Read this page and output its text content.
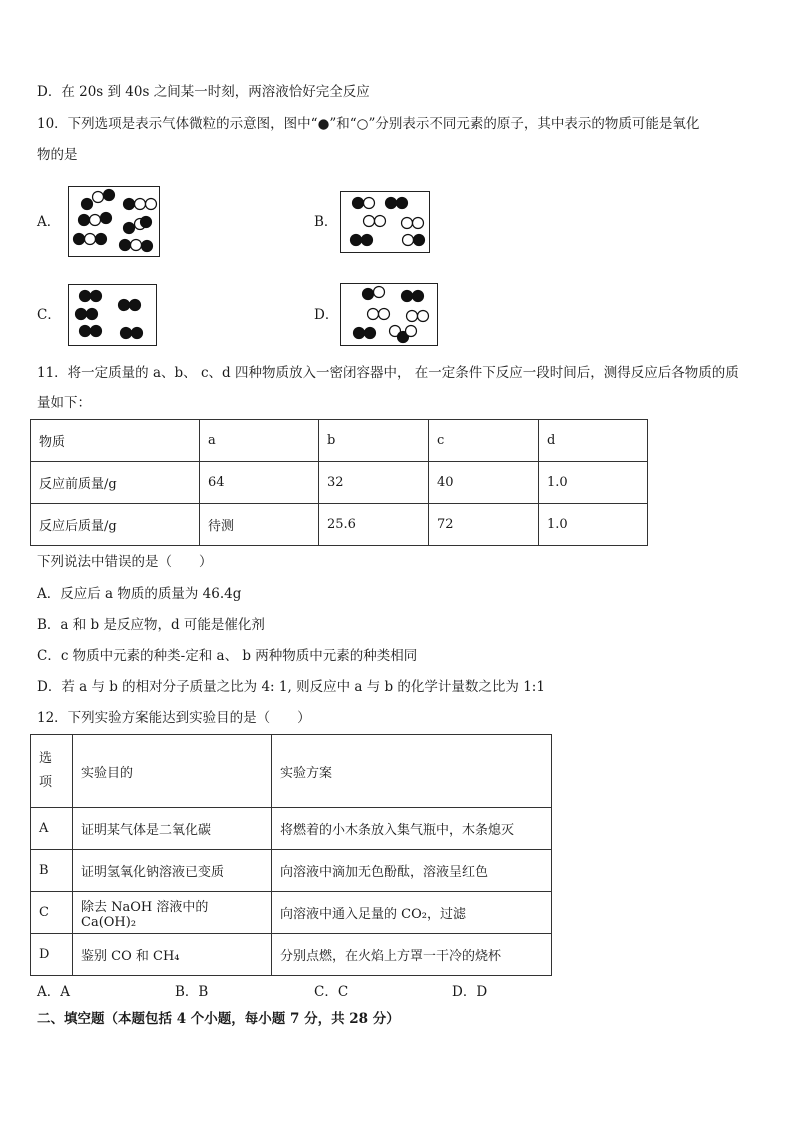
D．在 20s 到 40s 之间某一时刻，两溶液恰好完全反应
10．下列选项是表示气体微粒的示意图，图中“●”和“○”分别表示不同元素的原子，其中表示的物质可能是氧化
物的是
A．	B．
C．	D．
11．将一定质量的 a、b、 c、d 四种物质放入一密闭容器中， 在一定条件下反应一段时间后，测得反应后各物质的质
量如下：
物质	a	b	c	d
反应前质量/g	64	32	40	1.0
反应后质量/g	待测	25.6	72	1.0
下列说法中错误的是（　　）
A．反应后 a 物质的质量为 46.4g
B．a 和 b 是反应物，d 可能是催化剂
C．c 物质中元素的种类-定和 a、 b 两种物质中元素的种类相同
D．若 a 与 b 的相对分子质量之比为 4: 1, 则反应中 a 与 b 的化学计量数之比为 1:1
12．下列实验方案能达到实验目的是（　　）
选项	实验目的	实验方案
A	证明某气体是二氧化碳	将燃着的小木条放入集气瓶中，木条熄灭
B	证明氢氧化钠溶液已变质	向溶液中滴加无色酚酞，溶液呈红色
C	除去 NaOH 溶液中的 Ca(OH)₂	向溶液中通入足量的 CO₂，过滤
D	鉴别 CO 和 CH₄	分别点燃，在火焰上方罩一干冷的烧杯
A．A	B．B	C．C	D．D
二、填空题（本题包括 4 个小题，每小题 7 分，共 28 分）
